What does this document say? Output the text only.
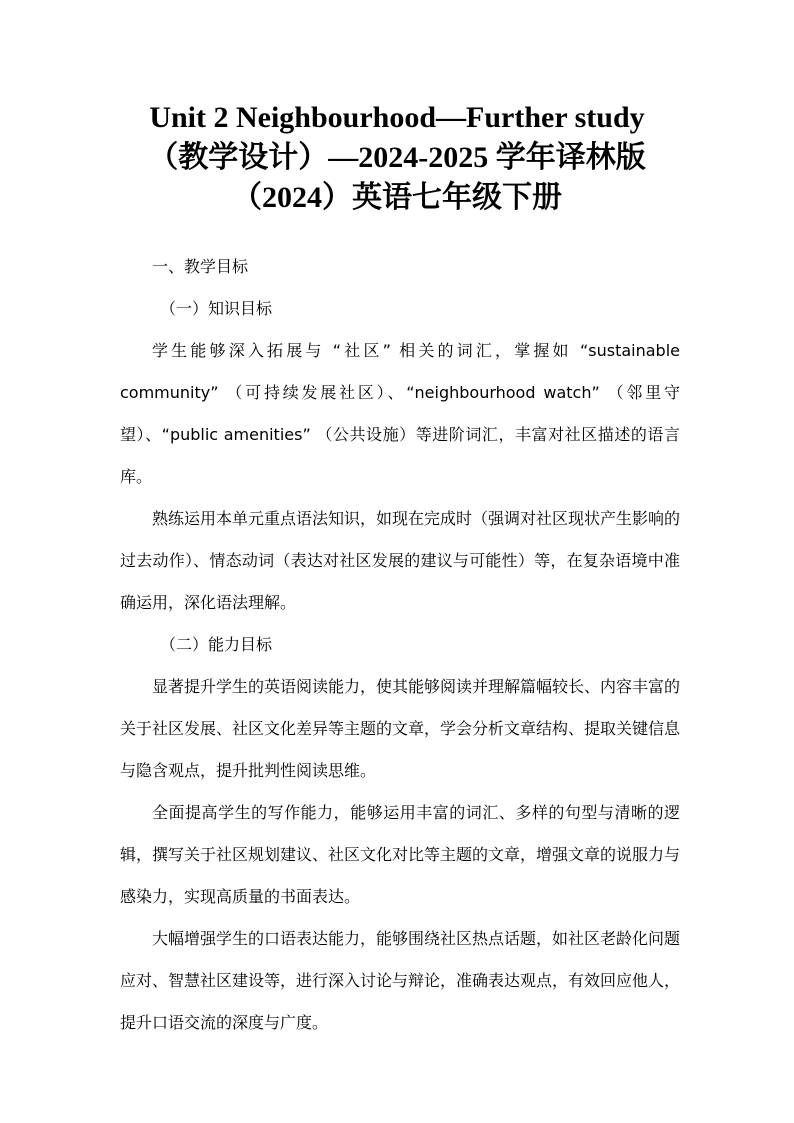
Unit 2 Neighbourhood—Further study
（教学设计）—2024-2025 学年译林版
（2024）英语七年级下册

一、教学目标

（一）知识目标

学生能够深入拓展与 “社区” 相关的词汇，掌握如 “sustainable community” （可持续发展社区）、“neighbourhood watch” （邻里守望）、“public amenities” （公共设施）等进阶词汇，丰富对社区描述的语言库。

熟练运用本单元重点语法知识，如现在完成时（强调对社区现状产生影响的过去动作）、情态动词（表达对社区发展的建议与可能性）等，在复杂语境中准确运用，深化语法理解。

（二）能力目标

显著提升学生的英语阅读能力，使其能够阅读并理解篇幅较长、内容丰富的关于社区发展、社区文化差异等主题的文章，学会分析文章结构、提取关键信息与隐含观点，提升批判性阅读思维。

全面提高学生的写作能力，能够运用丰富的词汇、多样的句型与清晰的逻辑，撰写关于社区规划建议、社区文化对比等主题的文章，增强文章的说服力与感染力，实现高质量的书面表达。

大幅增强学生的口语表达能力，能够围绕社区热点话题，如社区老龄化问题应对、智慧社区建设等，进行深入讨论与辩论，准确表达观点，有效回应他人，提升口语交流的深度与广度。
